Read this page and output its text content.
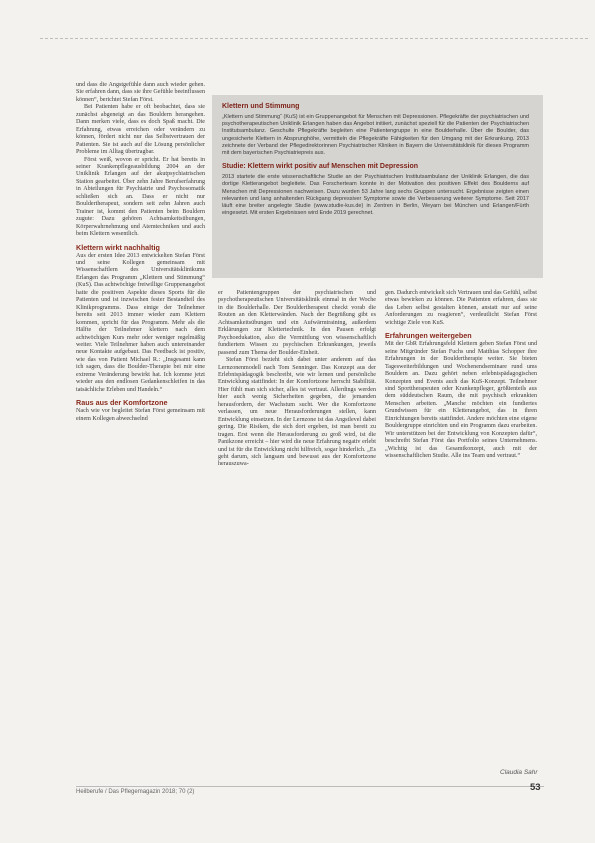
und dass die Angstgefühle dann auch wieder gehen. Sie erfahren dann, dass sie ihre Gefühle beeinflussen können“, berichtet Stefan Först.

Bei Patienten habe er oft beobachtet, dass sie zunächst abgeneigt an das Bouldern herangehen. Dann merken viele, dass es doch Spaß macht. Die Erfahrung, etwas erreichen oder verändern zu können, fördert nicht nur das Selbstvertrauen der Patienten. Sie ist auch auf die Lösung persönlicher Probleme im Alltag übertragbar.

Först weiß, wovon er spricht. Er hat bereits in seiner Krankenpflegeausbildung 2004 an der Uniklinik Erlangen auf der akutpsychiatrischen Station gearbeitet. Über zehn Jahre Berufserfahrung in Abteilungen für Psychiatrie und Psychosomatik schließen sich an. Dass er nicht nur Bouldertherapeut, sondern seit zehn Jahren auch Trainer ist, kommt den Patienten beim Bouldern zugute: Dazu gehören Achtsamkeitsübungen, Körperwahrnehmung und Atemtechniken und auch beim Klettern wesentlich.

Klettern wirkt nachhaltig

Aus der ersten Idee 2013 entwickelten Stefan Först und seine Kollegen gemeinsam mit Wissenschaftlern des Universitätsklinikums Erlangen das Programm „Klettern und Stimmung“ (KuS). Das achtwöchige freiwillige Gruppenangebot hatte die positiven Aspekte dieses Sports für die Patienten und ist inzwischen fester Bestandteil des Klinikprogramms. Dass einige der Teilnehmer bereits seit 2013 immer wieder zum Klettern kommen, spricht für das Programm. Mehr als die Hälfte der Teilnehmer klettern nach dem achtwöchigen Kurs mehr oder weniger regelmäßig weiter. Viele Teilnehmer haben auch untereinander neue Kontakte aufgebaut. Das Feedback ist positiv, wie das von Patient Michael R.: „Insgesamt kann ich sagen, dass die Boulder-Therapie bei mir eine extreme Veränderung bewirkt hat. Ich komme jetzt wieder aus den endlosen Gedankenschleifen in das tatsächliche Erleben und Handeln.“

Raus aus der Komfortzone

Nach wie vor begleitet Stefan Först gemeinsam mit einem Kollegen abwechselnd

Klettern und Stimmung

„Klettern und Stimmung“ (KuS) ist ein Gruppenangebot für Menschen mit Depressionen. Pflegekräfte der psychiatrischen und psychotherapeutischen Uniklinik Erlangen haben das Angebot initiiert, zunächst speziell für die Patienten der Psychiatrischen Institutsambulanz. Geschulte Pflegekräfte begleiten eine Patientengruppe in eine Boulderhalle. Über die Boulder, das ungesicherte Klettern in Absprunghöhe, vermitteln die Pflegekräfte Fähigkeiten für den Umgang mit der Erkrankung. 2013 zeichnete der Verband der Pflegedirektorinnen Psychiatrischer Kliniken in Bayern die Universitätsklinik für dieses Programm mit dem bayerischen Psychiatriepreis aus.

Studie: Klettern wirkt positiv auf Menschen mit Depression

2013 startete die erste wissenschaftliche Studie an der Psychiatrischen Institutsambulanz der Uniklinik Erlangen, die das dortige Kletterangebot begleitete. Das Forscherteam konnte in der Motivation des positiven Effekt des Boulderns auf Menschen mit Depressionen nachweisen. Dazu wurden 53 Jahre lang sechs Gruppen untersucht. Ergebnisse zeigten einen relevanten und lang anhaltenden Rückgang depressiver Symptome sowie die Verbesserung weiterer Symptome. Seit 2017 läuft eine breiter angelegte Studie (www.studie-kus.de) in Zentren in Berlin, Weyarn bei München und Erlangen/Fürth eingesetzt. Mit ersten Ergebnissen wird Ende 2019 gerechnet.

er Patientengruppen der psychiatrischen und psychotherapeutischen Universitätsklinik einmal in der Woche in die Boulderhalle. Der Bouldertherapeut checkt vorab die Routen an den Kletterwänden. Nach der Begrüßung gibt es Achtsamkeitsübungen und ein Aufwärmtraining, außerdem Erklärungen zur Klettertechnik. In den Pausen erfolgt Psychoedukation, also die Vermittlung von wissenschaftlich fundiertem Wissen zu psychischen Erkrankungen, jeweils passend zum Thema der Boulder-Einheit.

Stefan Först bezieht sich dabei unter anderem auf das Lernzonenmodell nach Tom Senninger. Das Konzept aus der Erlebnispädagogik beschreibt, wie wir lernen und persönliche Entwicklung stattfindet: In der Komfortzone herrscht Stabilität. Hier fühlt man sich sicher, alles ist vertraut. Allerdings werden hier auch wenig Sicherheiten gegeben, die jemanden herausfordern, der Wachstum sucht. Wer die Komfortzone verlassen, um neue Herausforderungen stellen, kann Entwicklung einsetzen. In der Lernzone ist das Angstlevel dabei gering. Die Risiken, die sich dort ergeben, ist man bereit zu tragen. Erst wenn die Herausforderung zu groß wird, ist die Panikzone erreicht – hier wird die neue Erfahrung negativ erlebt und ist für die Entwicklung nicht hilfreich, sogar hinderlich. „Es geht darum, sich langsam und bewusst aus der Komfortzone herauszuwa-

gen. Dadurch entwickelt sich Vertrauen und das Gefühl, selbst etwas bewirken zu können. Die Patienten erfahren, dass sie das Leben selbst gestalten können, anstatt nur auf seine Anforderungen zu reagieren“, verdeutlicht Stefan Först wichtige Ziele von KuS.

Erfahrungen weitergeben

Mit der GbR Erfahrungsfeld Klettern geben Stefan Först und seine Mitgründer Stefan Fuchs und Matthias Schopper ihre Erfahrungen in der Bouldertherapie weiter. Sie bieten Tagesweiterbildungen und Wochenendseminare rund ums Bouldern an. Dazu gehört neben erlebnispädagogischen Konzepten und Events auch das KuS-Konzept. Teilnehmer sind Sporttherapeuten oder Krankenpfleger, größtenteils aus dem süddeutschen Raum, die mit psychisch erkrankten Menschen arbeiten. „Manche möchten ein fundiertes Grundwissen für ein Kletterangebot, das in ihren Einrichtungen bereits stattfindet. Andere möchten eine eigene Bouldergruppe einrichten und ein Programm dazu erarbeiten. Wir unterstützen bei der Entwicklung von Konzepten dafür“, beschreibt Stefan Först das Portfolio seines Unternehmens. „Wichtig ist das Gesamtkonzept, auch mit der wissenschaftlichen Studie. Alle ins Team und vertraut.“

Claudia Sahr
Heilberufe / Das Pflegemagazin 2018; 70 (2)	53
